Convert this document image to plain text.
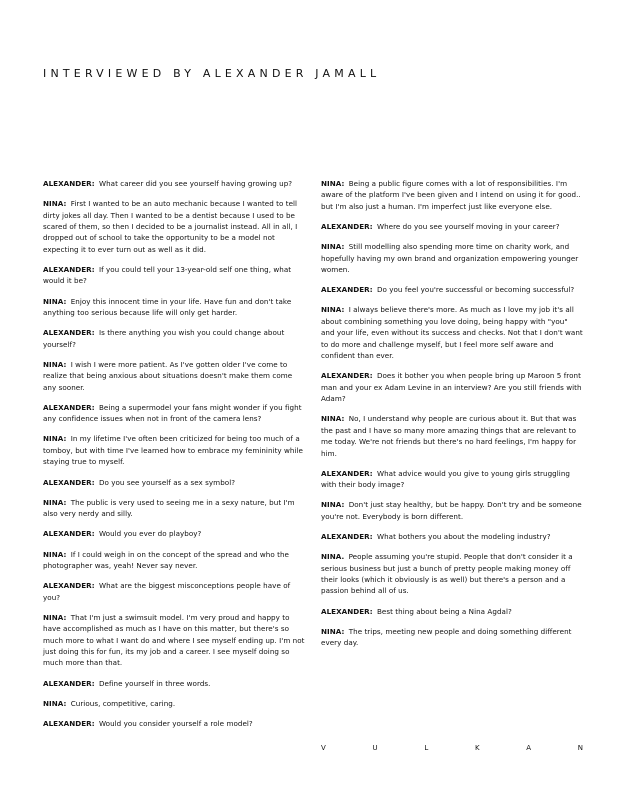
INTERVIEWED BY ALEXANDER JAMALL

ALEXANDER: What career did you see yourself having growing up?

NINA: First I wanted to be an auto mechanic because I wanted to tell dirty jokes all day. Then I wanted to be a dentist because I used to be scared of them, so then I decided to be a journalist instead. All in all, I dropped out of school to take the opportunity to be a model not expecting it to ever turn out as well as it did.

ALEXANDER: If you could tell your 13-year-old self one thing, what would it be?

NINA: Enjoy this innocent time in your life. Have fun and don't take anything too serious because life will only get harder.

ALEXANDER: Is there anything you wish you could change about yourself?

NINA: I wish I were more patient. As I've gotten older I've come to realize that being anxious about situations doesn't make them come any sooner.

ALEXANDER: Being a supermodel your fans might wonder if you fight any confidence issues when not in front of the camera lens?

NINA: In my lifetime I've often been criticized for being too much of a tomboy, but with time I've learned how to embrace my femininity while staying true to myself.

ALEXANDER: Do you see yourself as a sex symbol?

NINA: The public is very used to seeing me in a sexy nature, but I'm also very nerdy and silly.

ALEXANDER: Would you ever do playboy?

NINA: If I could weigh in on the concept of the spread and who the photographer was, yeah! Never say never.

ALEXANDER: What are the biggest misconceptions people have of you?

NINA: That I'm just a swimsuit model. I'm very proud and happy to have accomplished as much as I have on this matter, but there's so much more to what I want do and where I see myself ending up. I'm not just doing this for fun, its my job and a career. I see myself doing so much more than that.

ALEXANDER: Define yourself in three words.

NINA: Curious, competitive, caring.

ALEXANDER: Would you consider yourself a role model?

NINA: Being a public figure comes with a lot of responsibilities. I'm aware of the platform I've been given and I intend on using it for good.. but I'm also just a human. I'm imperfect just like everyone else.

ALEXANDER: Where do you see yourself moving in your career?

NINA: Still modelling also spending more time on charity work, and hopefully having my own brand and organization empowering younger women.

ALEXANDER: Do you feel you're successful or becoming successful?

NINA: I always believe there's more. As much as I love my job it's all about combining something you love doing, being happy with "you" and your life, even without its success and checks. Not that I don't want to do more and challenge myself, but I feel more self aware and confident than ever.

ALEXANDER: Does it bother you when people bring up Maroon 5 front man and your ex Adam Levine in an interview? Are you still friends with Adam?

NINA: No, I understand why people are curious about it. But that was the past and I have so many more amazing things that are relevant to me today. We're not friends but there's no hard feelings, I'm happy for him.

ALEXANDER: What advice would you give to young girls struggling with their body image?

NINA: Don't just stay healthy, but be happy. Don't try and be someone you're not. Everybody is born different.

ALEXANDER: What bothers you about the modeling industry?

NINA. People assuming you're stupid. People that don't consider it a serious business but just a bunch of pretty people making money off their looks (which it obviously is as well) but there's a person and a passion behind all of us.

ALEXANDER: Best thing about being a Nina Agdal?

NINA: The trips, meeting new people and doing something different every day.

V	U	L	K	A	N
